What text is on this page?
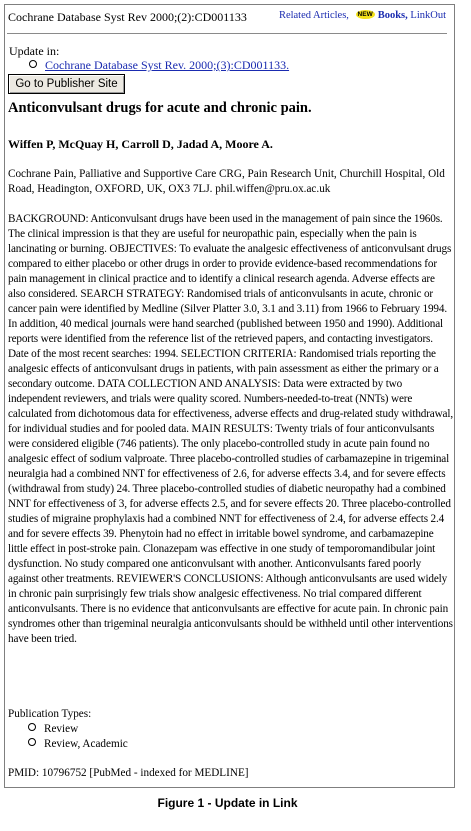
Cochrane Database Syst Rev 2000;(2):CD001133	Related Articles, NEW Books, LinkOut
Update in:
Cochrane Database Syst Rev. 2000;(3):CD001133.
Go to Publisher Site
Anticonvulsant drugs for acute and chronic pain.
Wiffen P, McQuay H, Carroll D, Jadad A, Moore A.
Cochrane Pain, Palliative and Supportive Care CRG, Pain Research Unit, Churchill Hospital, Old Road, Headington, OXFORD, UK, OX3 7LJ. phil.wiffen@pru.ox.ac.uk
BACKGROUND: Anticonvulsant drugs have been used in the management of pain since the 1960s. The clinical impression is that they are useful for neuropathic pain, especially when the pain is lancinating or burning. OBJECTIVES: To evaluate the analgesic effectiveness of anticonvulsant drugs compared to either placebo or other drugs in order to provide evidence-based recommendations for pain management in clinical practice and to identify a clinical research agenda. Adverse effects are also considered. SEARCH STRATEGY: Randomised trials of anticonvulsants in acute, chronic or cancer pain were identified by Medline (Silver Platter 3.0, 3.1 and 3.11) from 1966 to February 1994. In addition, 40 medical journals were hand searched (published between 1950 and 1990). Additional reports were identified from the reference list of the retrieved papers, and contacting investigators. Date of the most recent searches: 1994. SELECTION CRITERIA: Randomised trials reporting the analgesic effects of anticonvulsant drugs in patients, with pain assessment as either the primary or a secondary outcome. DATA COLLECTION AND ANALYSIS: Data were extracted by two independent reviewers, and trials were quality scored. Numbers-needed-to-treat (NNTs) were calculated from dichotomous data for effectiveness, adverse effects and drug-related study withdrawal, for individual studies and for pooled data. MAIN RESULTS: Twenty trials of four anticonvulsants were considered eligible (746 patients). The only placebo-controlled study in acute pain found no analgesic effect of sodium valproate. Three placebo-controlled studies of carbamazepine in trigeminal neuralgia had a combined NNT for effectiveness of 2.6, for adverse effects 3.4, and for severe effects (withdrawal from study) 24. Three placebo-controlled studies of diabetic neuropathy had a combined NNT for effectiveness of 3, for adverse effects 2.5, and for severe effects 20. Three placebo-controlled studies of migraine prophylaxis had a combined NNT for effectiveness of 2.4, for adverse effects 2.4 and for severe effects 39. Phenytoin had no effect in irritable bowel syndrome, and carbamazepine little effect in post-stroke pain. Clonazepam was effective in one study of temporomandibular joint dysfunction. No study compared one anticonvulsant with another. Anticonvulsants fared poorly against other treatments. REVIEWER'S CONCLUSIONS: Although anticonvulsants are used widely in chronic pain surprisingly few trials show analgesic effectiveness. No trial compared different anticonvulsants. There is no evidence that anticonvulsants are effective for acute pain. In chronic pain syndromes other than trigeminal neuralgia anticonvulsants should be withheld until other interventions have been tried.
Publication Types:
Review
Review, Academic
PMID: 10796752 [PubMed - indexed for MEDLINE]
Figure 1 - Update in Link
